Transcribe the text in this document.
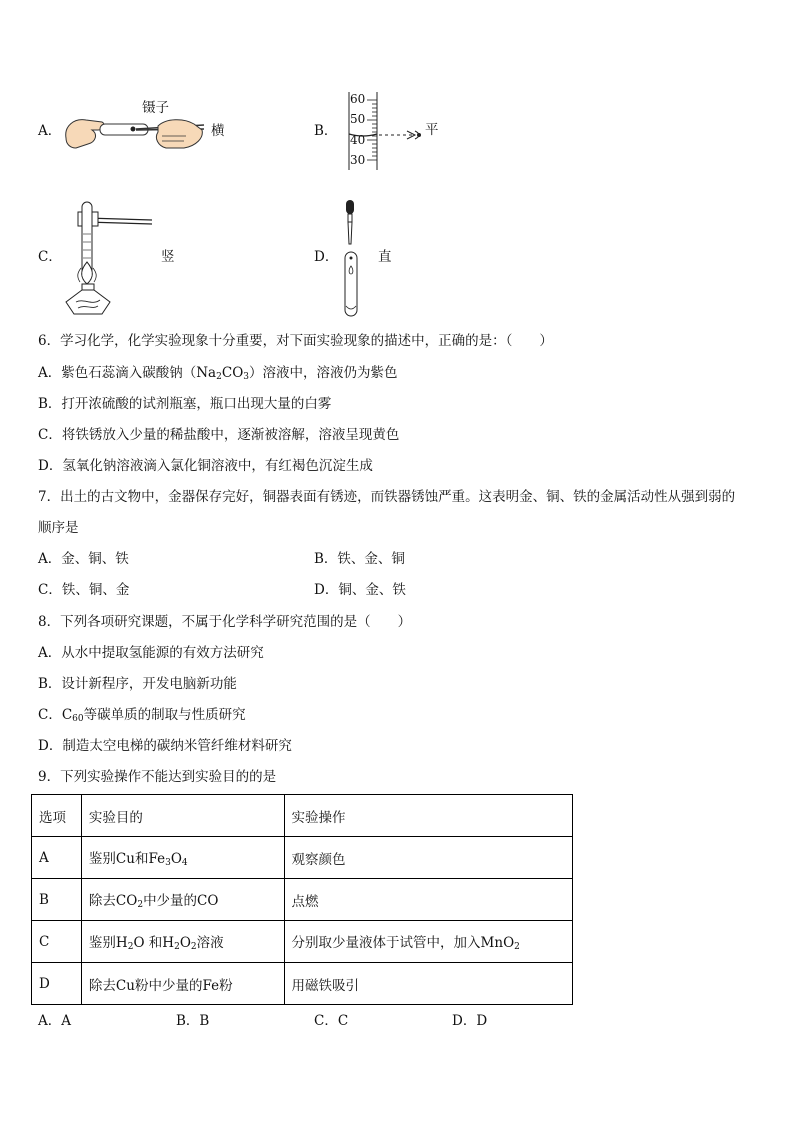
A．
镊子
横	B．
60
50
40
30
平
C．	竖	D．	直
6．学习化学，化学实验现象十分重要，对下面实验现象的描述中，正确的是：（　　）
A．紫色石蕊滴入碳酸钠$(Na_2CO_3)$溶液中，溶液仍为紫色
B．打开浓硫酸的试剂瓶塞，瓶口出现大量的白雾
C．将铁锈放入少量的稀盐酸中，逐渐被溶解，溶液呈现黄色
D．氢氧化钠溶液滴入氯化铜溶液中，有红褐色沉淀生成
7．出土的古文物中，金器保存完好，铜器表面有锈迹，而铁器锈蚀严重。这表明金、铜、铁的金属活动性从强到弱的
顺序是
A．金、铜、铁	B．铁、金、铜
C．铁、铜、金	D．铜、金、铁
8．下列各项研究课题，不属于化学科学研究范围的是（　　）
A．从水中提取氢能源的有效方法研究
B．设计新程序，开发电脑新功能
C．$C_{60}$等碳单质的制取与性质研究
D．制造太空电梯的碳纳米管纤维材料研究
9．下列实验操作不能达到实验目的的是
选项	实验目的	实验操作
A	鉴别Cu和$Fe_3O_4$	观察颜色
B	除去$CO_2$中少量的CO	点燃
C	鉴别$H_2O$ 和$H_2O_2$溶液	分别取少量液体于试管中，加入MnO$_2$
D	除去Cu粉中少量的Fe粉	用磁铁吸引
A．A	B．B	C．C	D．D
